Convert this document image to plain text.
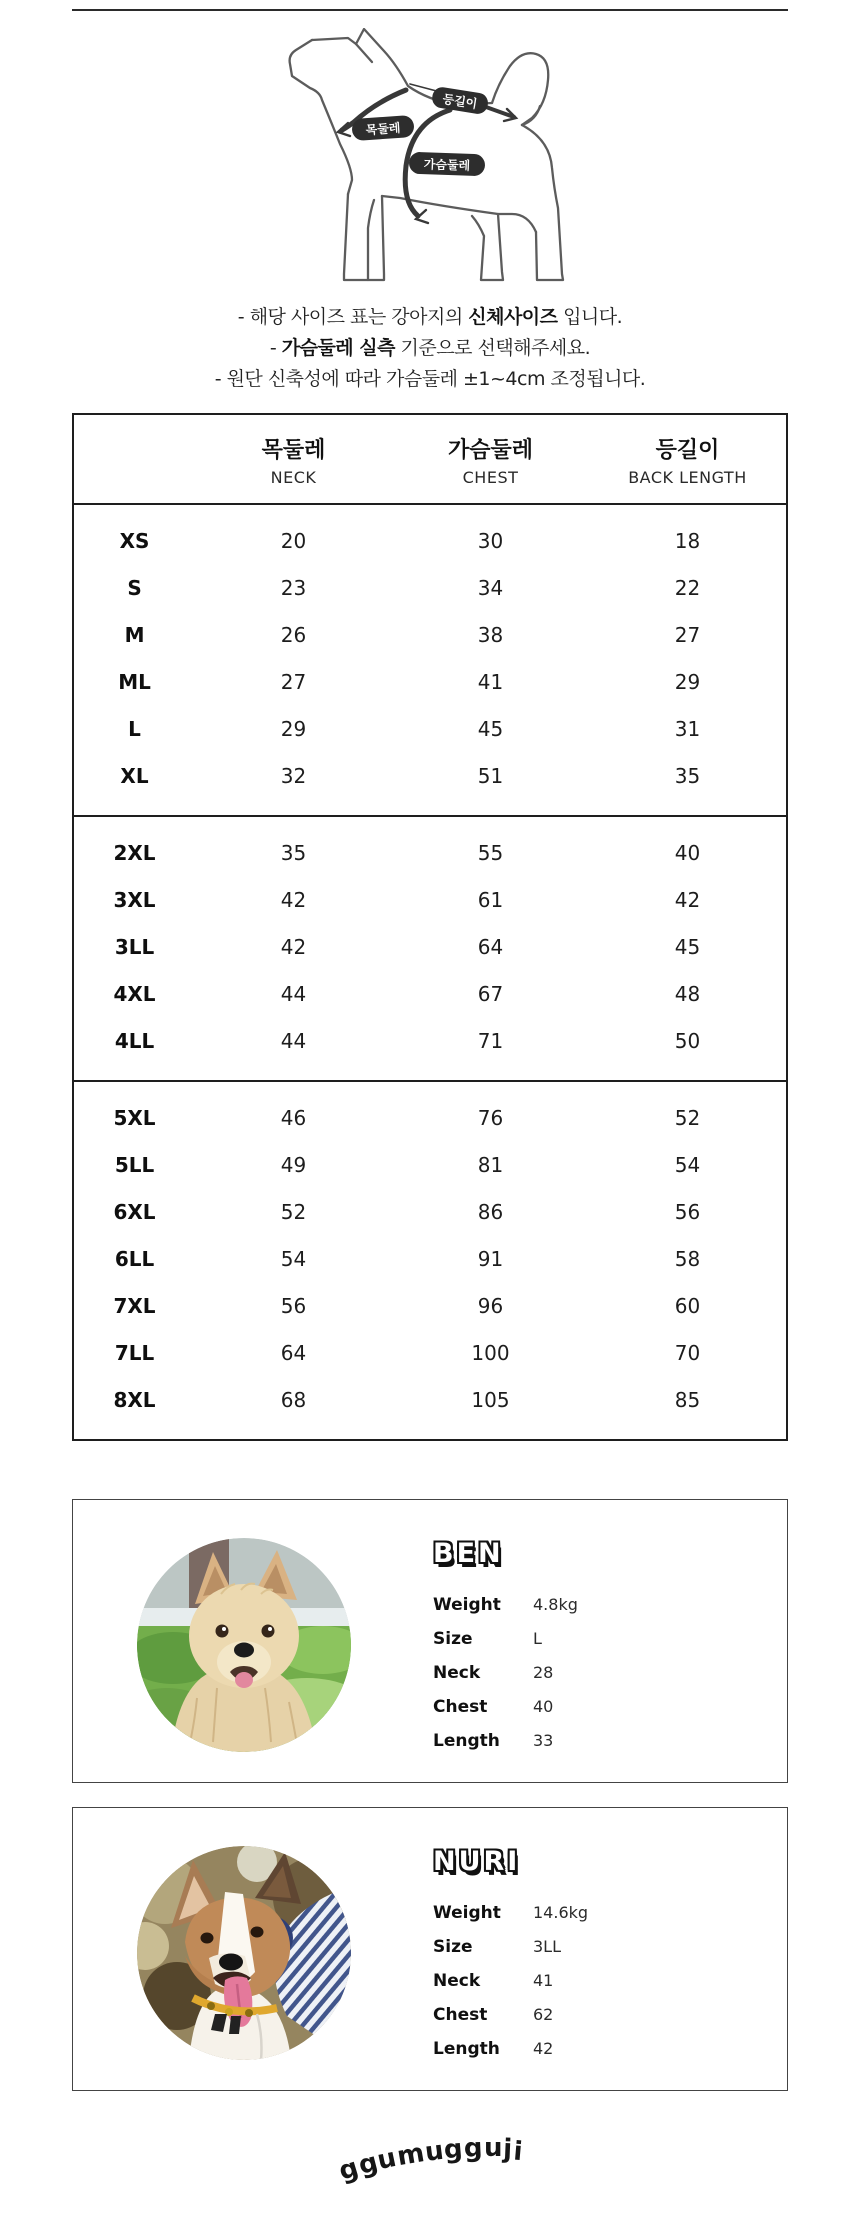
등길이
목둘레
가슴둘레
- 해당 사이즈 표는 강아지의 신체사이즈 입니다.
- 가슴둘레 실측 기준으로 선택해주세요.
- 원단 신축성에 따라 가슴둘레 ±1~4cm 조정됩니다.
목둘레
NECK
가슴둘레
CHEST
등길이
BACK LENGTH
XS	20	30	18
S	23	34	22
M	26	38	27
ML	27	41	29
L	29	45	31
XL	32	51	35
2XL	35	55	40
3XL	42	61	42
3LL	42	64	45
4XL	44	67	48
4LL	44	71	50
5XL	46	76	52
5LL	49	81	54
6XL	52	86	56
6LL	54	91	58
7XL	56	96	60
7LL	64	100	70
8XL	68	105	85
BEN
Weight	4.8kg
Size	L
Neck	28
Chest	40
Length	33
NURI
Weight	14.6kg
Size	3LL
Neck	41
Chest	62
Length	42
ggumugguji
